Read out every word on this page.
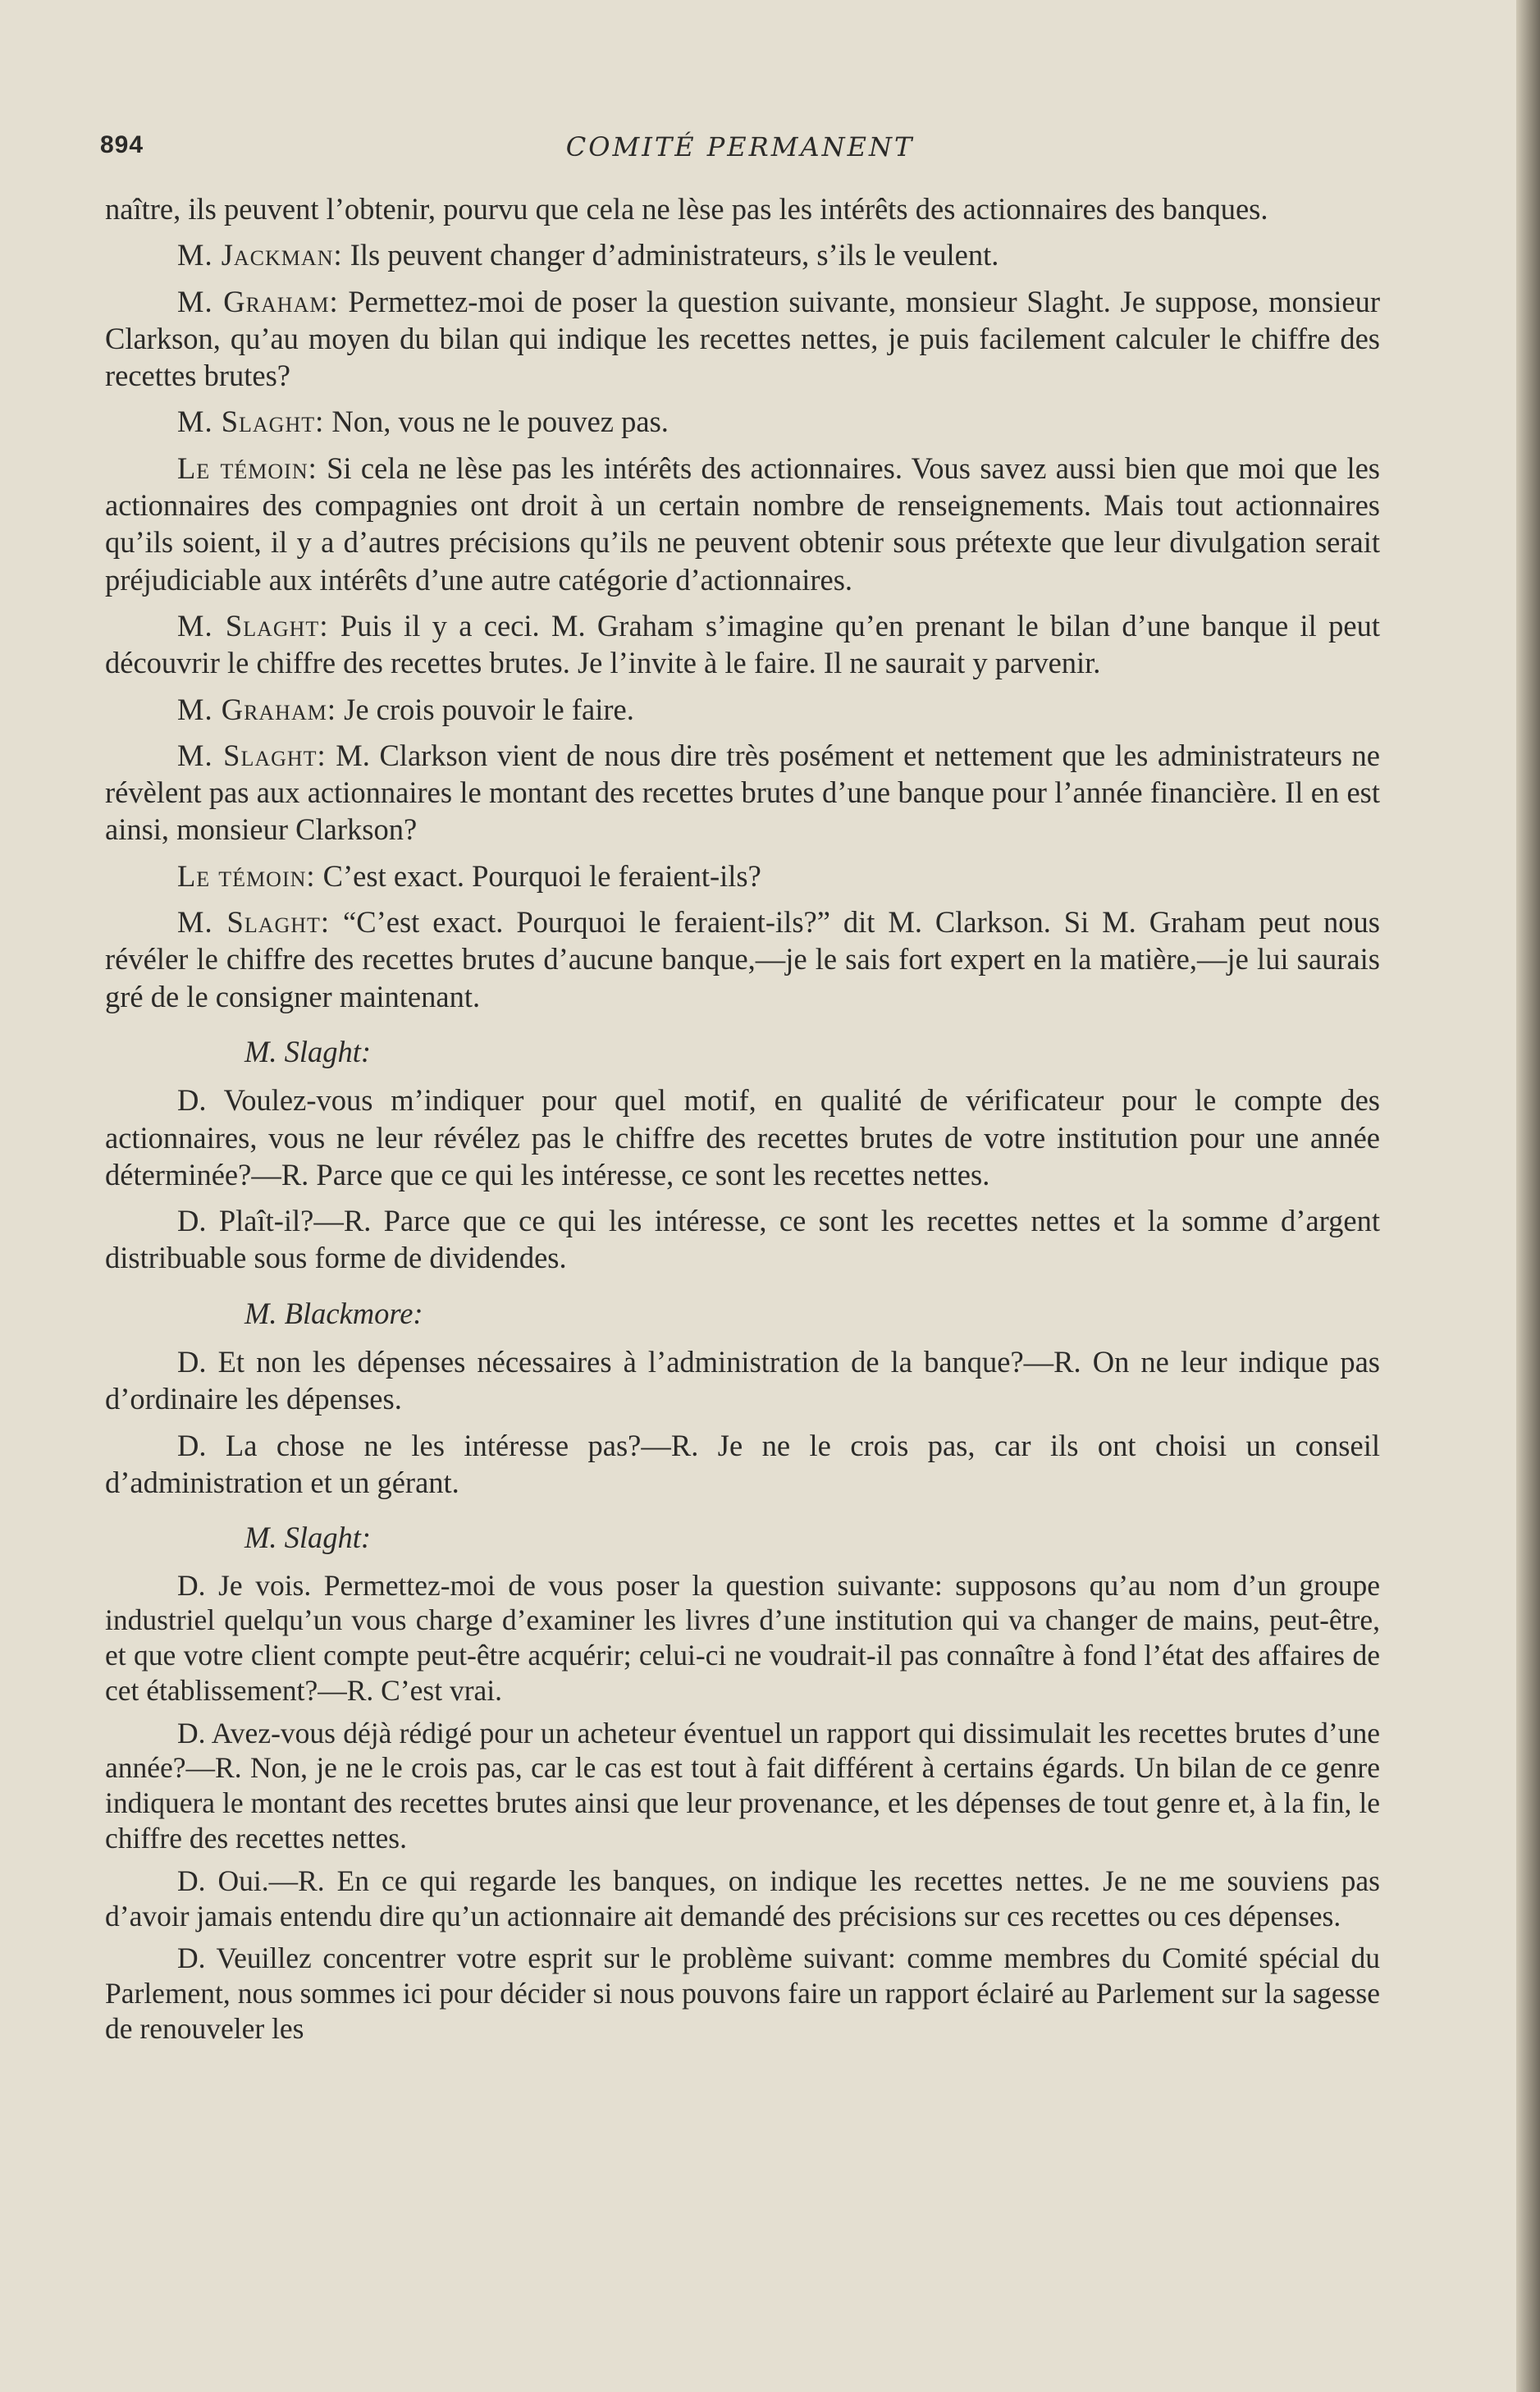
894	COMITÉ PERMANENT

naître, ils peuvent l’obtenir, pourvu que cela ne lèse pas les intérêts des actionnaires des banques.

M. Jackman: Ils peuvent changer d’administrateurs, s’ils le veulent.

M. Graham: Permettez-moi de poser la question suivante, monsieur Slaght. Je suppose, monsieur Clarkson, qu’au moyen du bilan qui indique les recettes nettes, je puis facilement calculer le chiffre des recettes brutes?

M. Slaght: Non, vous ne le pouvez pas.

Le témoin: Si cela ne lèse pas les intérêts des actionnaires. Vous savez aussi bien que moi que les actionnaires des compagnies ont droit à un certain nombre de renseignements. Mais tout actionnaires qu’ils soient, il y a d’autres précisions qu’ils ne peuvent obtenir sous prétexte que leur divulgation serait préjudiciable aux intérêts d’une autre catégorie d’actionnaires.

M. Slaght: Puis il y a ceci. M. Graham s’imagine qu’en prenant le bilan d’une banque il peut découvrir le chiffre des recettes brutes. Je l’invite à le faire. Il ne saurait y parvenir.

M. Graham: Je crois pouvoir le faire.

M. Slaght: M. Clarkson vient de nous dire très posément et nettement que les administrateurs ne révèlent pas aux actionnaires le montant des recettes brutes d’une banque pour l’année financière. Il en est ainsi, monsieur Clarkson?

Le témoin: C’est exact. Pourquoi le feraient-ils?

M. Slaght: “C’est exact. Pourquoi le feraient-ils?” dit M. Clarkson. Si M. Graham peut nous révéler le chiffre des recettes brutes d’aucune banque,—je le sais fort expert en la matière,—je lui saurais gré de le consigner maintenant.

M. Slaght:

D. Voulez-vous m’indiquer pour quel motif, en qualité de vérificateur pour le compte des actionnaires, vous ne leur révélez pas le chiffre des recettes brutes de votre institution pour une année déterminée?—R. Parce que ce qui les intéresse, ce sont les recettes nettes.

D. Plaît-il?—R. Parce que ce qui les intéresse, ce sont les recettes nettes et la somme d’argent distribuable sous forme de dividendes.

M. Blackmore:

D. Et non les dépenses nécessaires à l’administration de la banque?—R. On ne leur indique pas d’ordinaire les dépenses.

D. La chose ne les intéresse pas?—R. Je ne le crois pas, car ils ont choisi un conseil d’administration et un gérant.

M. Slaght:

D. Je vois. Permettez-moi de vous poser la question suivante: supposons qu’au nom d’un groupe industriel quelqu’un vous charge d’examiner les livres d’une institution qui va changer de mains, peut-être, et que votre client compte peut-être acquérir; celui-ci ne voudrait-il pas connaître à fond l’état des affaires de cet établissement?—R. C’est vrai.

D. Avez-vous déjà rédigé pour un acheteur éventuel un rapport qui dissimulait les recettes brutes d’une année?—R. Non, je ne le crois pas, car le cas est tout à fait différent à certains égards. Un bilan de ce genre indiquera le montant des recettes brutes ainsi que leur provenance, et les dépenses de tout genre et, à la fin, le chiffre des recettes nettes.

D. Oui.—R. En ce qui regarde les banques, on indique les recettes nettes. Je ne me souviens pas d’avoir jamais entendu dire qu’un actionnaire ait demandé des précisions sur ces recettes ou ces dépenses.

D. Veuillez concentrer votre esprit sur le problème suivant: comme membres du Comité spécial du Parlement, nous sommes ici pour décider si nous pouvons faire un rapport éclairé au Parlement sur la sagesse de renouveler les
